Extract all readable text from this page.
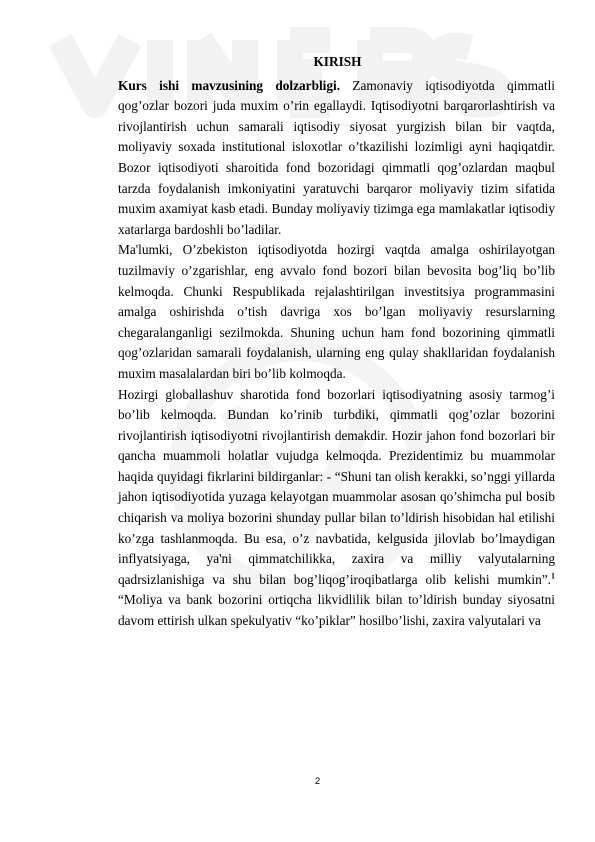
KIRISH

Kurs ishi mavzusining dolzarbligi. Zamonaviy iqtisodiyotda qimmatli qog’ozlar bozori juda muxim o’rin egallaydi. Iqtisodiyotni barqarorlashtirish va rivojlantirish uchun samarali iqtisodiy siyosat yurgizish bilan bir vaqtda, moliyaviy soxada institutional isloxotlar o’tkazilishi lozimligi ayni haqiqatdir. Bozor iqtisodiyoti sharoitida fond bozoridagi qimmatli qog’ozlardan maqbul tarzda foydalanish imkoniyatini yaratuvchi barqaror moliyaviy tizim sifatida muxim axamiyat kasb etadi. Bunday moliyaviy tizimga ega mamlakatlar iqtisodiy xatarlarga bardoshli bo’ladilar.

Ma'lumki, O’zbekiston iqtisodiyotda hozirgi vaqtda amalga oshirilayotgan tuzilmaviy o’zgarishlar, eng avvalo fond bozori bilan bevosita bog’liq bo’lib kelmoqda. Chunki Respublikada rejalashtirilgan investitsiya programmasini amalga oshirishda o’tish davriga xos bo’lgan moliyaviy resurslarning chegaralanganligi sezilmokda. Shuning uchun ham fond bozorining qimmatli qog’ozlaridan samarali foydalanish, ularning eng qulay shakllaridan foydalanish muxim masalalardan biri bo’lib kolmoqda.

Hozirgi globallashuv sharotida fond bozorlari iqtisodiyatning asosiy tarmog’i bo’lib kelmoqda. Bundan ko’rinib turbdiki, qimmatli qog’ozlar bozorini rivojlantirish iqtisodiyotni rivojlantirish demakdir. Hozir jahon fond bozorlari bir qancha muammoli holatlar vujudga kelmoqda. Prezidentimiz bu muammolar haqida quyidagi fikrlarini bildirganlar: - “Shuni tan olish kerakki, so’nggi yillarda jahon iqtisodiyotida yuzaga kelayotgan muammolar asosan qo’shimcha pul bosib chiqarish va moliya bozorini shunday pullar bilan to’ldirish hisobidan hal etilishi ko’zga tashlanmoqda. Bu esa, o’z navbatida, kelgusida jilovlab bo’lmaydigan inflyatsiyaga, ya'ni qimmatchilikka, zaxira va milliy valyutalarning qadrsizlanishiga va shu bilan bog’liqog’iroqibatlarga olib kelishi mumkin”.$^1$ “Moliya va bank bozorini ortiqcha likvidlilik bilan to’ldirish bunday siyosatni davom ettirish ulkan spekulyativ “ko’piklar” hosilbo’lishi, zaxira valyutalari va

2
